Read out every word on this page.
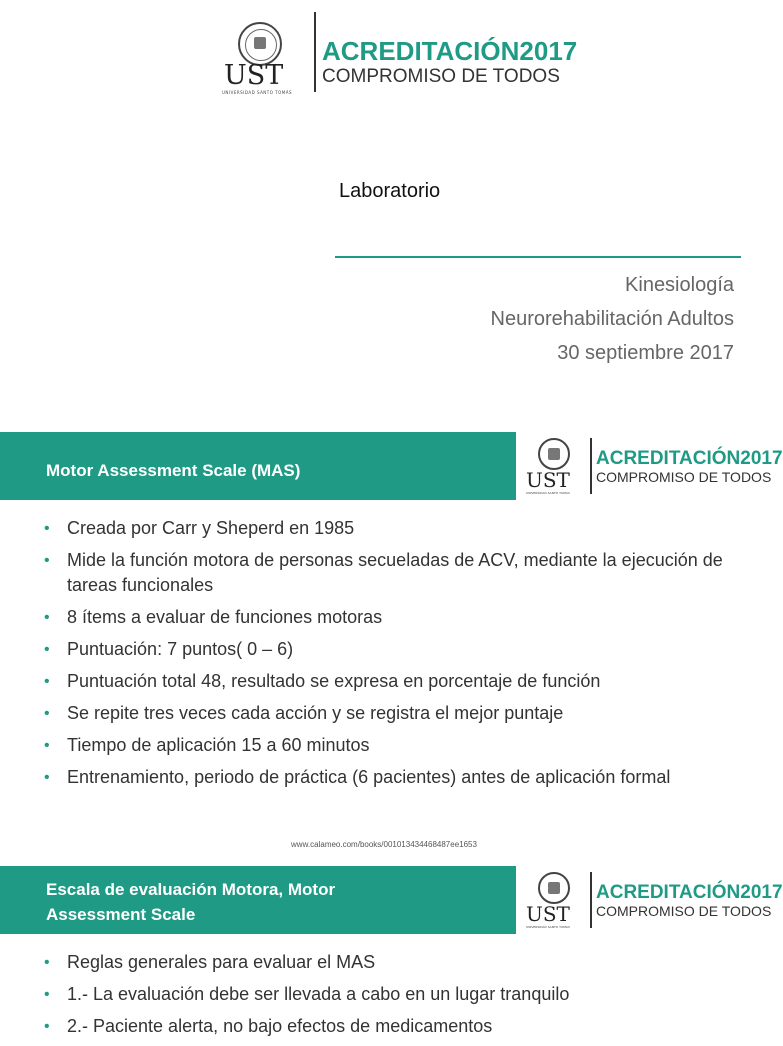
UST
UNIVERSIDAD SANTO TOMÁS
ACREDITACIÓN2017
COMPROMISO DE TODOS
Laboratorio
Kinesiología
Neurorehabilitación Adultos
30 septiembre 2017
Motor Assessment Scale (MAS)	UST
UNIVERSIDAD SANTO TOMÁS
ACREDITACIÓN2017
COMPROMISO DE TODOS
• Creada por Carr y Sheperd en 1985
• Mide la función motora de personas secueladas de ACV, mediante la ejecución de tareas funcionales
• 8 ítems a evaluar de funciones motoras
• Puntuación: 7 puntos( 0 – 6)
• Puntuación total 48, resultado se expresa en porcentaje de función
• Se repite tres veces cada acción y se registra el mejor puntaje
• Tiempo de aplicación 15 a 60 minutos
• Entrenamiento, periodo de práctica (6 pacientes) antes de aplicación formal
www.calameo.com/books/001013434468487ee1653
Escala de evaluación Motora, Motor
Assessment Scale	UST
UNIVERSIDAD SANTO TOMÁS
ACREDITACIÓN2017
COMPROMISO DE TODOS
• Reglas generales para evaluar el MAS
• 1.- La evaluación debe ser llevada a cabo en un lugar tranquilo
• 2.- Paciente alerta, no bajo efectos de medicamentos
